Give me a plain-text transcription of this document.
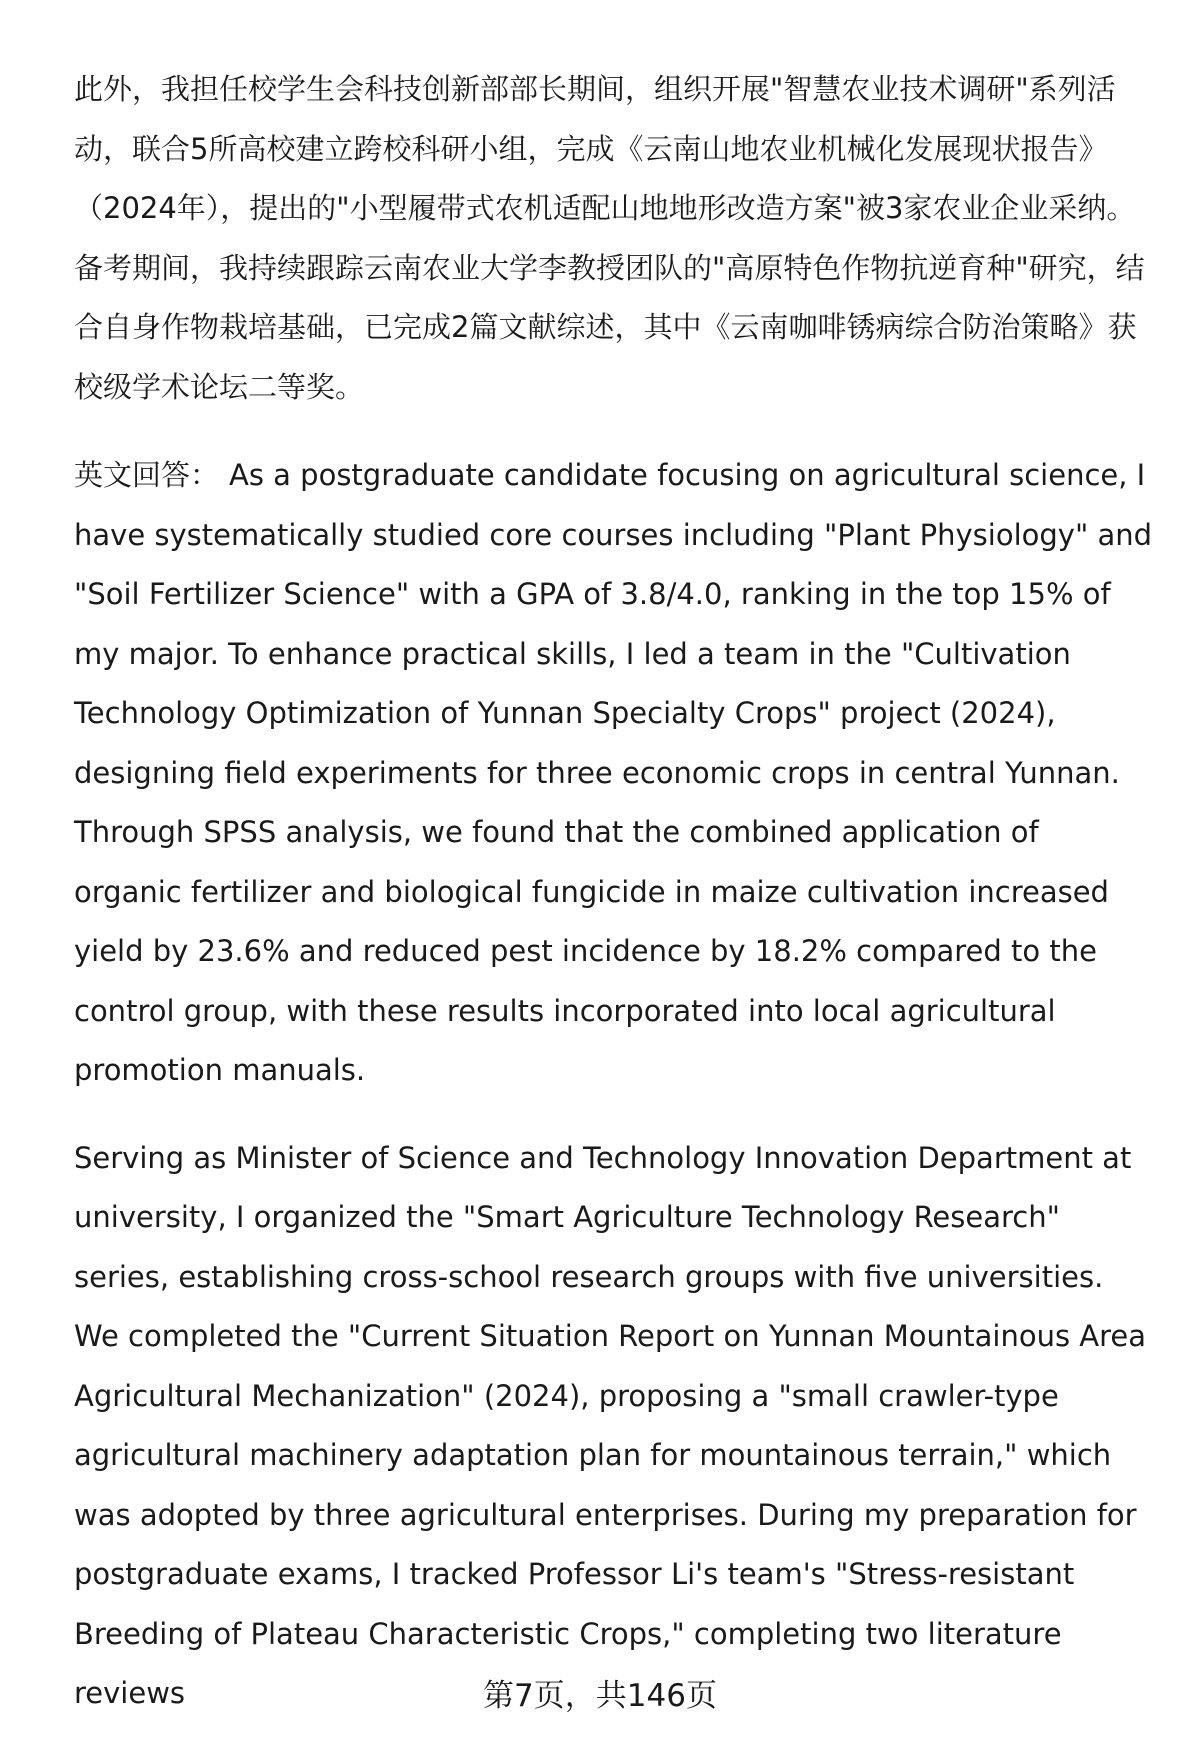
此外，我担任校学生会科技创新部部长期间，组织开展"智慧农业技术调研"系列活动，联合5所高校建立跨校科研小组，完成《云南山地农业机械化发展现状报告》（2024年），提出的"小型履带式农机适配山地地形改造方案"被3家农业企业采纳。备考期间，我持续跟踪云南农业大学李教授团队的"高原特色作物抗逆育种"研究，结合自身作物栽培基础，已完成2篇文献综述，其中《云南咖啡锈病综合防治策略》获校级学术论坛二等奖。

英文回答： As a postgraduate candidate focusing on agricultural science, I have systematically studied core courses including "Plant Physiology" and "Soil Fertilizer Science" with a GPA of 3.8/4.0, ranking in the top 15% of my major. To enhance practical skills, I led a team in the "Cultivation Technology Optimization of Yunnan Specialty Crops" project (2024), designing field experiments for three economic crops in central Yunnan. Through SPSS analysis, we found that the combined application of organic fertilizer and biological fungicide in maize cultivation increased yield by 23.6% and reduced pest incidence by 18.2% compared to the control group, with these results incorporated into local agricultural promotion manuals.

Serving as Minister of Science and Technology Innovation Department at university, I organized the "Smart Agriculture Technology Research" series, establishing cross-school research groups with five universities. We completed the "Current Situation Report on Yunnan Mountainous Area Agricultural Mechanization" (2024), proposing a "small crawler-type agricultural machinery adaptation plan for mountainous terrain," which was adopted by three agricultural enterprises. During my preparation for postgraduate exams, I tracked Professor Li's team's "Stress-resistant Breeding of Plateau Characteristic Crops," completing two literature reviews	第7页，共146页
